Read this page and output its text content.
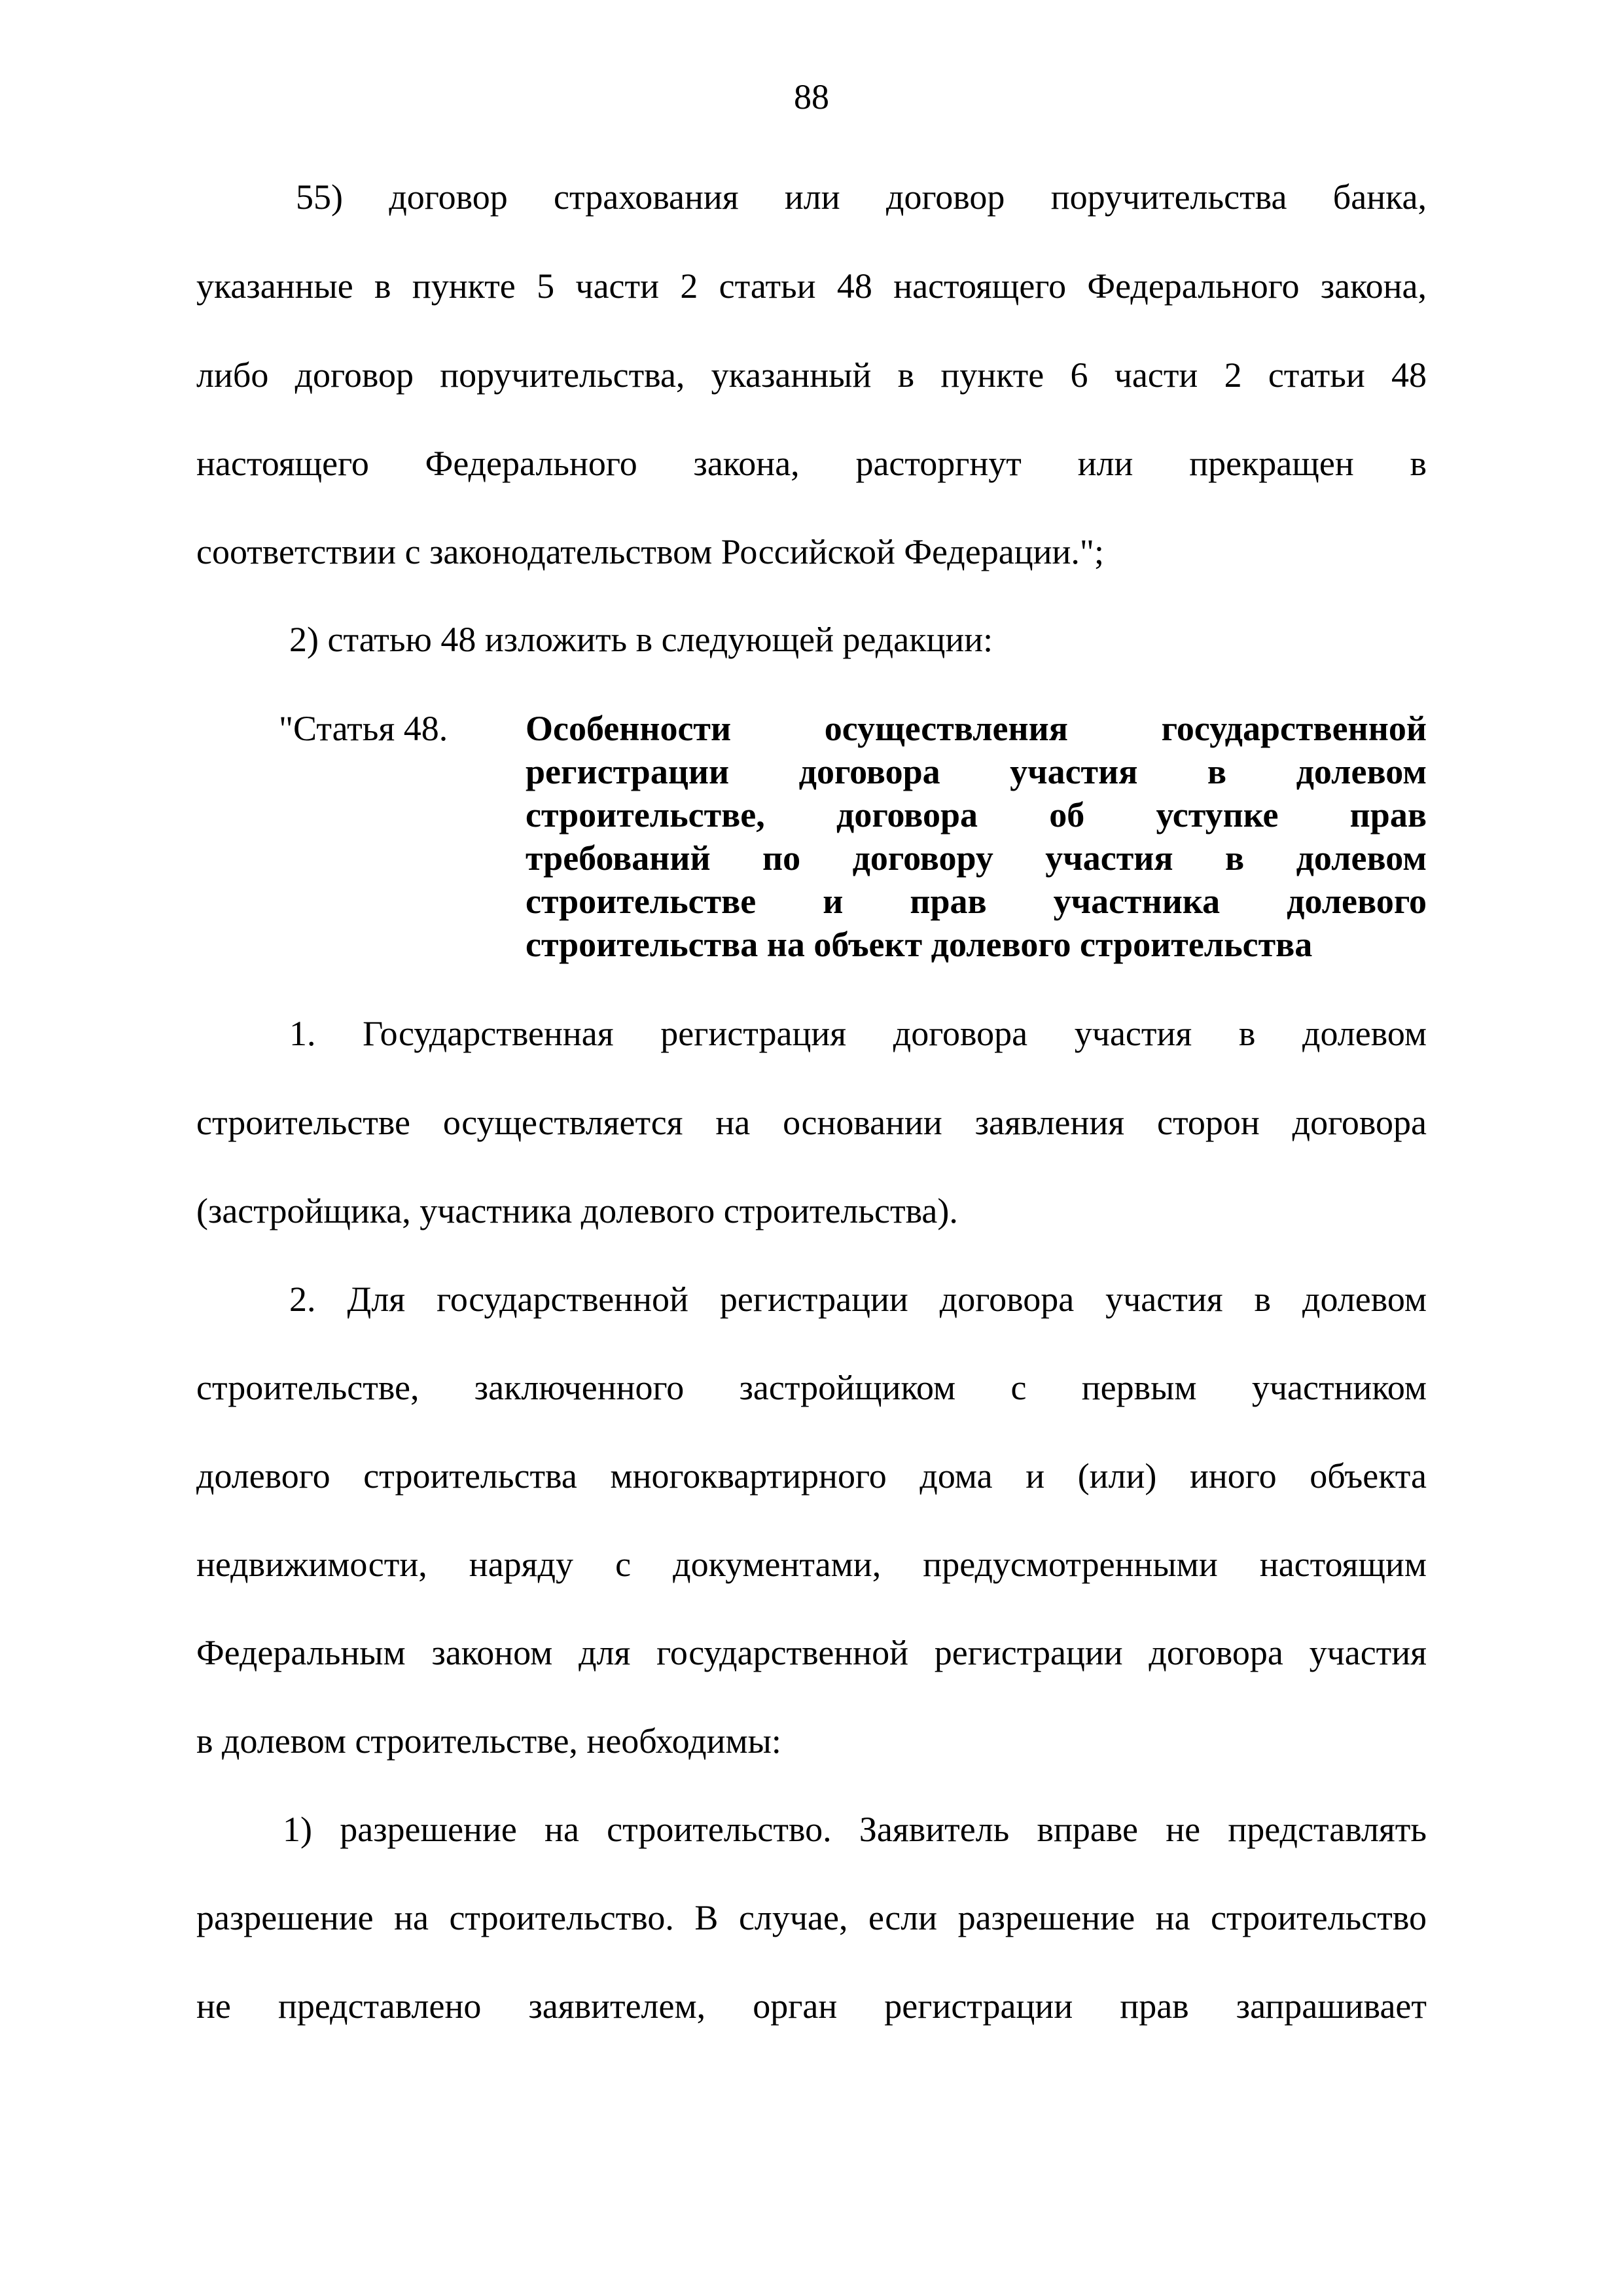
88
55) договор страхования или договор поручительства банка,
указанные в пункте 5 части 2 статьи 48 настоящего Федерального закона,
либо договор поручительства, указанный в пункте 6 части 2 статьи 48
настоящего Федерального закона, расторгнут или прекращен в
соответствии с законодательством Российской Федерации.";
2) статью 48 изложить в следующей редакции:
"Статья 48. Особенности осуществления государственной
регистрации договора участия в долевом
строительстве, договора об уступке прав
требований по договору участия в долевом
строительстве и прав участника долевого
строительства на объект долевого строительства
1. Государственная регистрация договора участия в долевом
строительстве осуществляется на основании заявления сторон договора
(застройщика, участника долевого строительства).
2. Для государственной регистрации договора участия в долевом
строительстве, заключенного застройщиком с первым участником
долевого строительства многоквартирного дома и (или) иного объекта
недвижимости, наряду с документами, предусмотренными настоящим
Федеральным законом для государственной регистрации договора участия
в долевом строительстве, необходимы:
1) разрешение на строительство. Заявитель вправе не представлять
разрешение на строительство. В случае, если разрешение на строительство
не представлено заявителем, орган регистрации прав запрашивает
